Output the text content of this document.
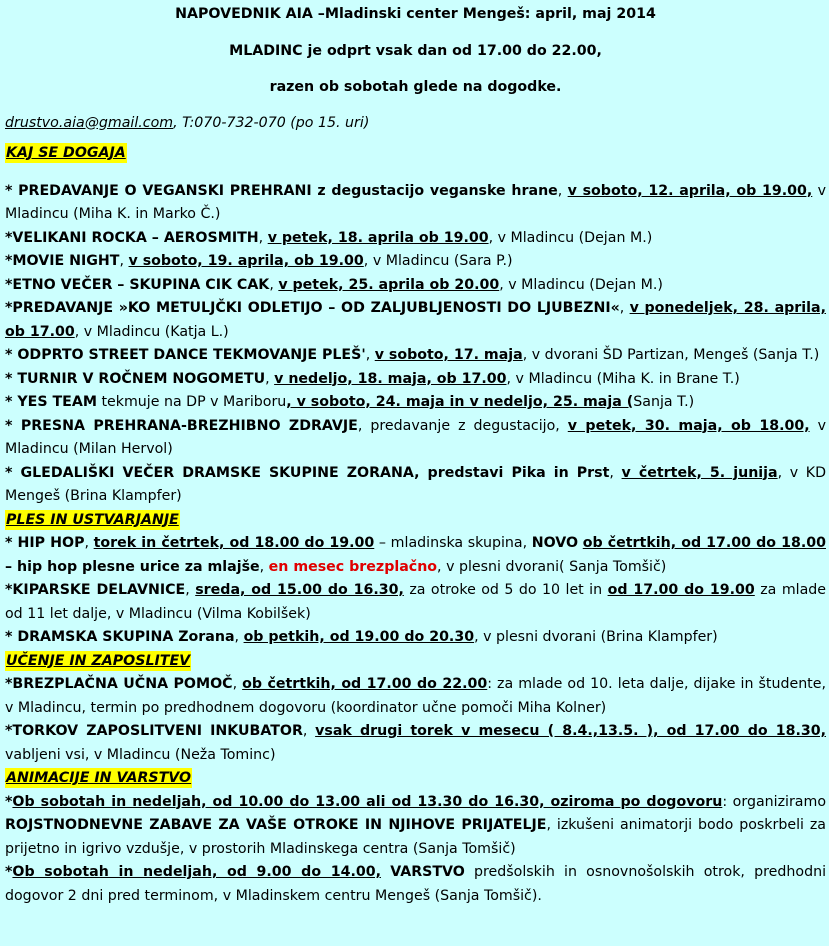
NAPOVEDNIK AIA –Mladinski center Mengeš: april, maj 2014
MLADINC je odprt vsak dan od 17.00 do 22.00,
razen ob sobotah glede na dogodke.
drustvo.aia@gmail.com, T:070-732-070 (po 15. uri)
KAJ SE DOGAJA

* PREDAVANJE O VEGANSKI PREHRANI z degustacijo veganske hrane, v soboto, 12. aprila, ob 19.00, v Mladincu (Miha K. in Marko Č.)

*VELIKANI ROCKA – AEROSMITH, v petek, 18. aprila ob 19.00, v Mladincu (Dejan M.)

*MOVIE NIGHT, v soboto, 19. aprila, ob 19.00, v Mladincu (Sara P.)

*ETNO VEČER – SKUPINA CIK CAK, v petek, 25. aprila ob 20.00, v Mladincu (Dejan M.)

*PREDAVANJE »KO METULJČKI ODLETIJO – OD ZALJUBLJENOSTI DO LJUBEZNI«, v ponedeljek, 28. aprila, ob 17.00, v Mladincu (Katja L.)

* ODPRTO STREET DANCE TEKMOVANJE PLEŠ', v soboto, 17. maja, v dvorani ŠD Partizan, Mengeš (Sanja T.)

* TURNIR V ROČNEM NOGOMETU, v nedeljo, 18. maja, ob 17.00, v Mladincu (Miha K. in Brane T.)

* YES TEAM tekmuje na DP v Mariboru, v soboto, 24. maja in v nedeljo, 25. maja (Sanja T.)

* PRESNA PREHRANA-BREZHIBNO ZDRAVJE, predavanje z degustacijo, v petek, 30. maja, ob 18.00, v Mladincu (Milan Hervol)

* GLEDALIŠKI VEČER DRAMSKE SKUPINE ZORANA, predstavi Pika in Prst, v četrtek, 5. junija, v KD Mengeš (Brina Klampfer)

PLES IN USTVARJANJE

* HIP HOP, torek in četrtek, od 18.00 do 19.00 – mladinska skupina, NOVO ob četrtkih, od 17.00 do 18.00 – hip hop plesne urice za mlajše, en mesec brezplačno, v plesni dvorani( Sanja Tomšič)

*KIPARSKE DELAVNICE, sreda, od 15.00 do 16.30, za otroke od 5 do 10 let in od 17.00 do 19.00 za mlade od 11 let dalje, v Mladincu (Vilma Kobilšek)

* DRAMSKA SKUPINA Zorana, ob petkih, od 19.00 do 20.30, v plesni dvorani (Brina Klampfer)

UČENJE IN ZAPOSLITEV

*BREZPLAČNA UČNA POMOČ, ob četrtkih, od 17.00 do 22.00: za mlade od 10. leta dalje, dijake in študente, v Mladincu, termin po predhodnem dogovoru (koordinator učne pomoči Miha Kolner)

*TORKOV ZAPOSLITVENI INKUBATOR, vsak drugi torek v mesecu ( 8.4.,13.5. ), od 17.00 do 18.30, vabljeni vsi, v Mladincu (Neža Tominc)

ANIMACIJE IN VARSTVO

*Ob sobotah in nedeljah, od 10.00 do 13.00 ali od 13.30 do 16.30, oziroma po dogovoru: organiziramo ROJSTNODNEVNE ZABAVE ZA VAŠE OTROKE IN NJIHOVE PRIJATELJE, izkušeni animatorji bodo poskrbeli za prijetno in igrivo vzdušje, v prostorih Mladinskega centra (Sanja Tomšič)

*Ob sobotah in nedeljah, od 9.00 do 14.00, VARSTVO predšolskih in osnovnošolskih otrok, predhodni dogovor 2 dni pred terminom, v Mladinskem centru Mengeš (Sanja Tomšič).
